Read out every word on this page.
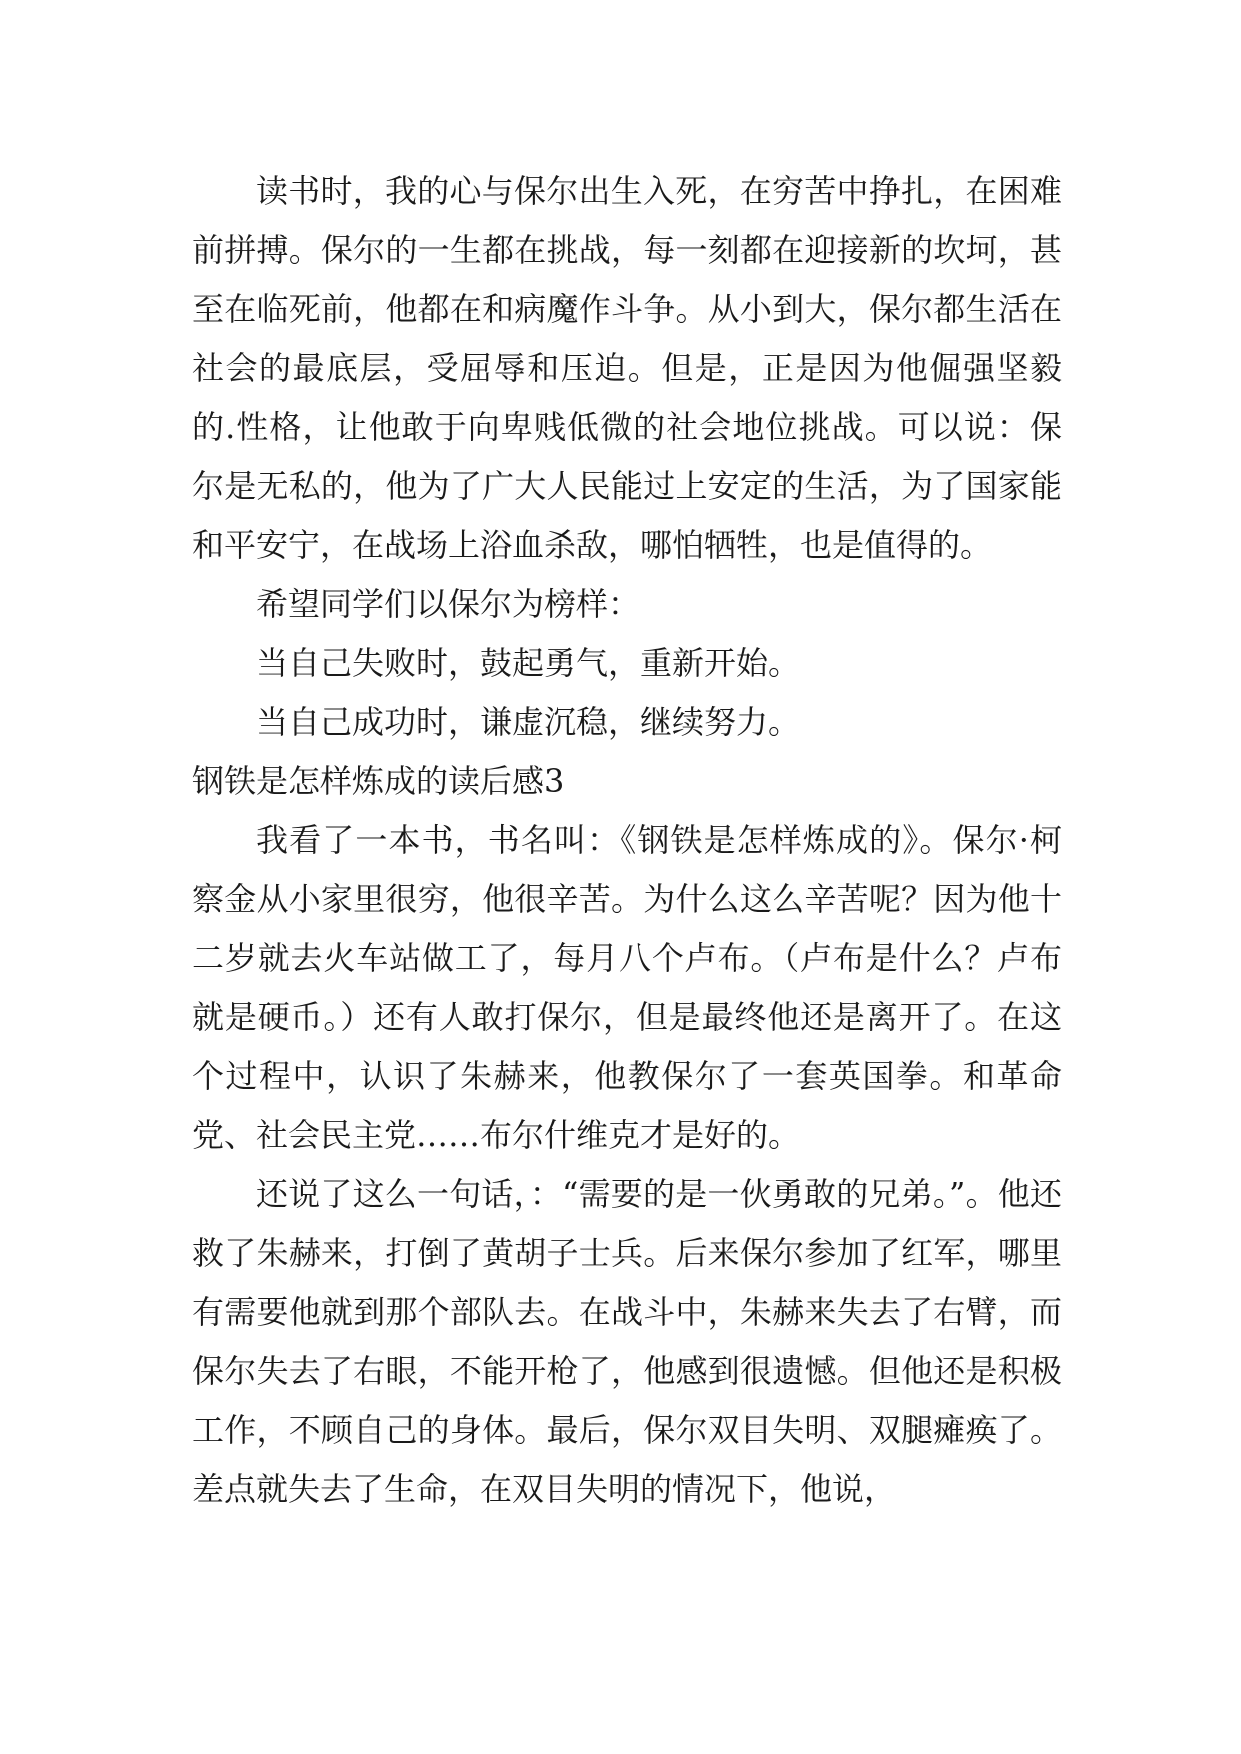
读书时，我的心与保尔出生入死，在穷苦中挣扎，在困难前拼搏。保尔的一生都在挑战，每一刻都在迎接新的坎坷，甚至在临死前，他都在和病魔作斗争。从小到大，保尔都生活在社会的最底层，受屈辱和压迫。但是，正是因为他倔强坚毅的.性格，让他敢于向卑贱低微的社会地位挑战。可以说：保尔是无私的，他为了广大人民能过上安定的生活，为了国家能和平安宁，在战场上浴血杀敌，哪怕牺牲，也是值得的。

希望同学们以保尔为榜样：

当自己失败时，鼓起勇气，重新开始。

当自己成功时，谦虚沉稳，继续努力。

钢铁是怎样炼成的读后感3

我看了一本书，书名叫：《钢铁是怎样炼成的》。保尔·柯察金从小家里很穷，他很辛苦。为什么这么辛苦呢？因为他十二岁就去火车站做工了，每月八个卢布。（卢布是什么？卢布就是硬币。）还有人敢打保尔，但是最终他还是离开了。在这个过程中，认识了朱赫来，他教保尔了一套英国拳。和革命党、社会民主党……布尔什维克才是好的。

还说了这么一句话，：“需要的是一伙勇敢的兄弟。”。他还救了朱赫来，打倒了黄胡子士兵。后来保尔参加了红军，哪里有需要他就到那个部队去。在战斗中，朱赫来失去了右臂，而保尔失去了右眼，不能开枪了，他感到很遗憾。但他还是积极工作，不顾自己的身体。最后，保尔双目失明、双腿瘫痪了。差点就失去了生命，在双目失明的情况下，他说，
